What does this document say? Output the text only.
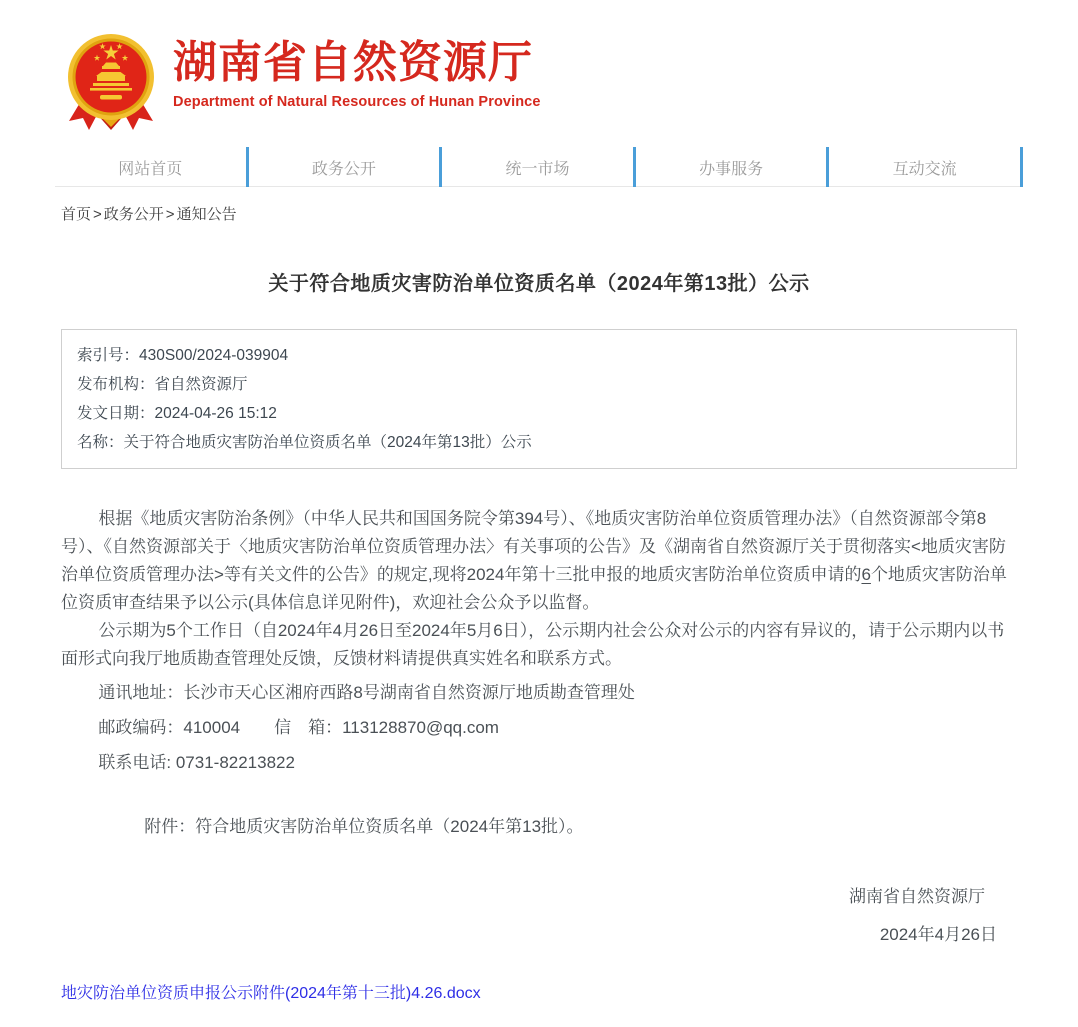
湖南省自然资源厅
Department of Natural Resources of Hunan Province
网站首页	政务公开	统一市场	办事服务	互动交流
首页 > 政务公开 > 通知公告
关于符合地质灾害防治单位资质名单（2024年第13批）公示
索引号：430S00/2024-039904
发布机构：省自然资源厅
发文日期：2024-04-26 15:12
名称：关于符合地质灾害防治单位资质名单（2024年第13批）公示

根据《地质灾害防治条例》（中华人民共和国国务院令第394号）、《地质灾害防治单位资质管理办法》（自然资源部令第8号）、《自然资源部关于〈地质灾害防治单位资质管理办法〉有关事项的公告》及《湖南省自然资源厅关于贯彻落实<地质灾害防治单位资质管理办法>等有关文件的公告》的规定,现将2024年第十三批申报的地质灾害防治单位资质申请的6个地质灾害防治单位资质审查结果予以公示(具体信息详见附件)，欢迎社会公众予以监督。

公示期为5个工作日（自2024年4月26日至2024年5月6日），公示期内社会公众对公示的内容有异议的，请于公示期内以书面形式向我厅地质勘查管理处反馈，反馈材料请提供真实姓名和联系方式。

通讯地址：长沙市天心区湘府西路8号湖南省自然资源厅地质勘查管理处

邮政编码：410004　　信　箱：113128870@qq.com

联系电话: 0731-82213822

附件：符合地质灾害防治单位资质名单（2024年第13批）。

湖南省自然资源厅
2024年4月26日
地灾防治单位资质申报公示附件(2024年第十三批)4.26.docx
